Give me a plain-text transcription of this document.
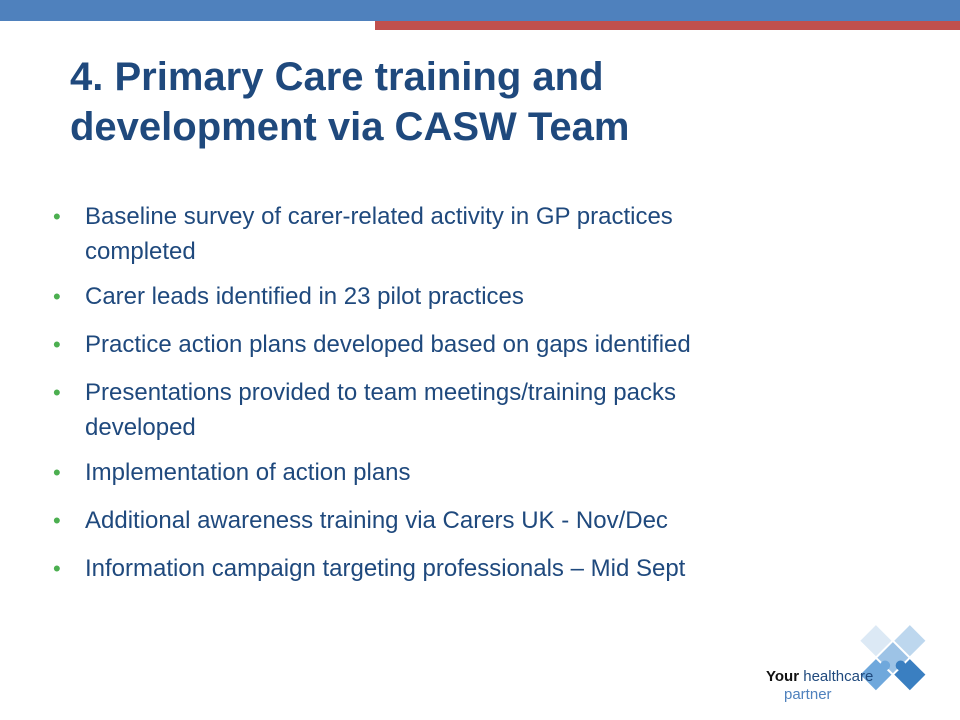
4. Primary Care training and
development via CASW Team
• Baseline survey of carer-related activity in GP practices
completed
• Carer leads identified in 23 pilot practices
• Practice action plans developed based on gaps identified
• Presentations provided to team meetings/training packs
developed
• Implementation of action plans
• Additional awareness training via Carers UK - Nov/Dec
• Information campaign targeting professionals – Mid Sept
Your healthcare
partner
